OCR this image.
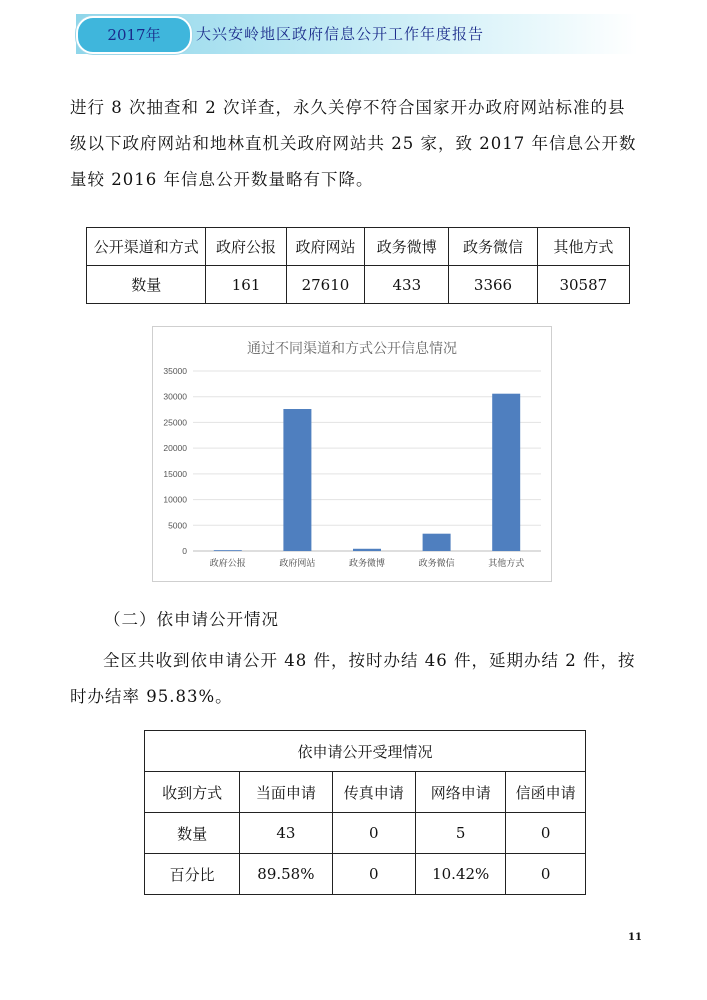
2017年	大兴安岭地区政府信息公开工作年度报告

进行 8 次抽查和 2 次详查，永久关停不符合国家开办政府网站标准的县级以下政府网站和地林直机关政府网站共 25 家，致 2017 年信息公开数量较 2016 年信息公开数量略有下降。

公开渠道和方式	政府公报	政府网站	政务微博	政务微信	其他方式
数量	161	27610	433	3366	30587
通过不同渠道和方式公开信息情况
0
5000
10000
15000
20000
25000
30000
35000
政府公报	政府网站	政务微博	政务微信	其他方式
（二）依申请公开情况

全区共收到依申请公开 48 件，按时办结 46 件，延期办结 2 件，按时办结率 95.83%。

依申请公开受理情况				
收到方式	当面申请	传真申请	网络申请	信函申请
数量	43	0	5	0
百分比	89.58%	0	10.42%	0
11
